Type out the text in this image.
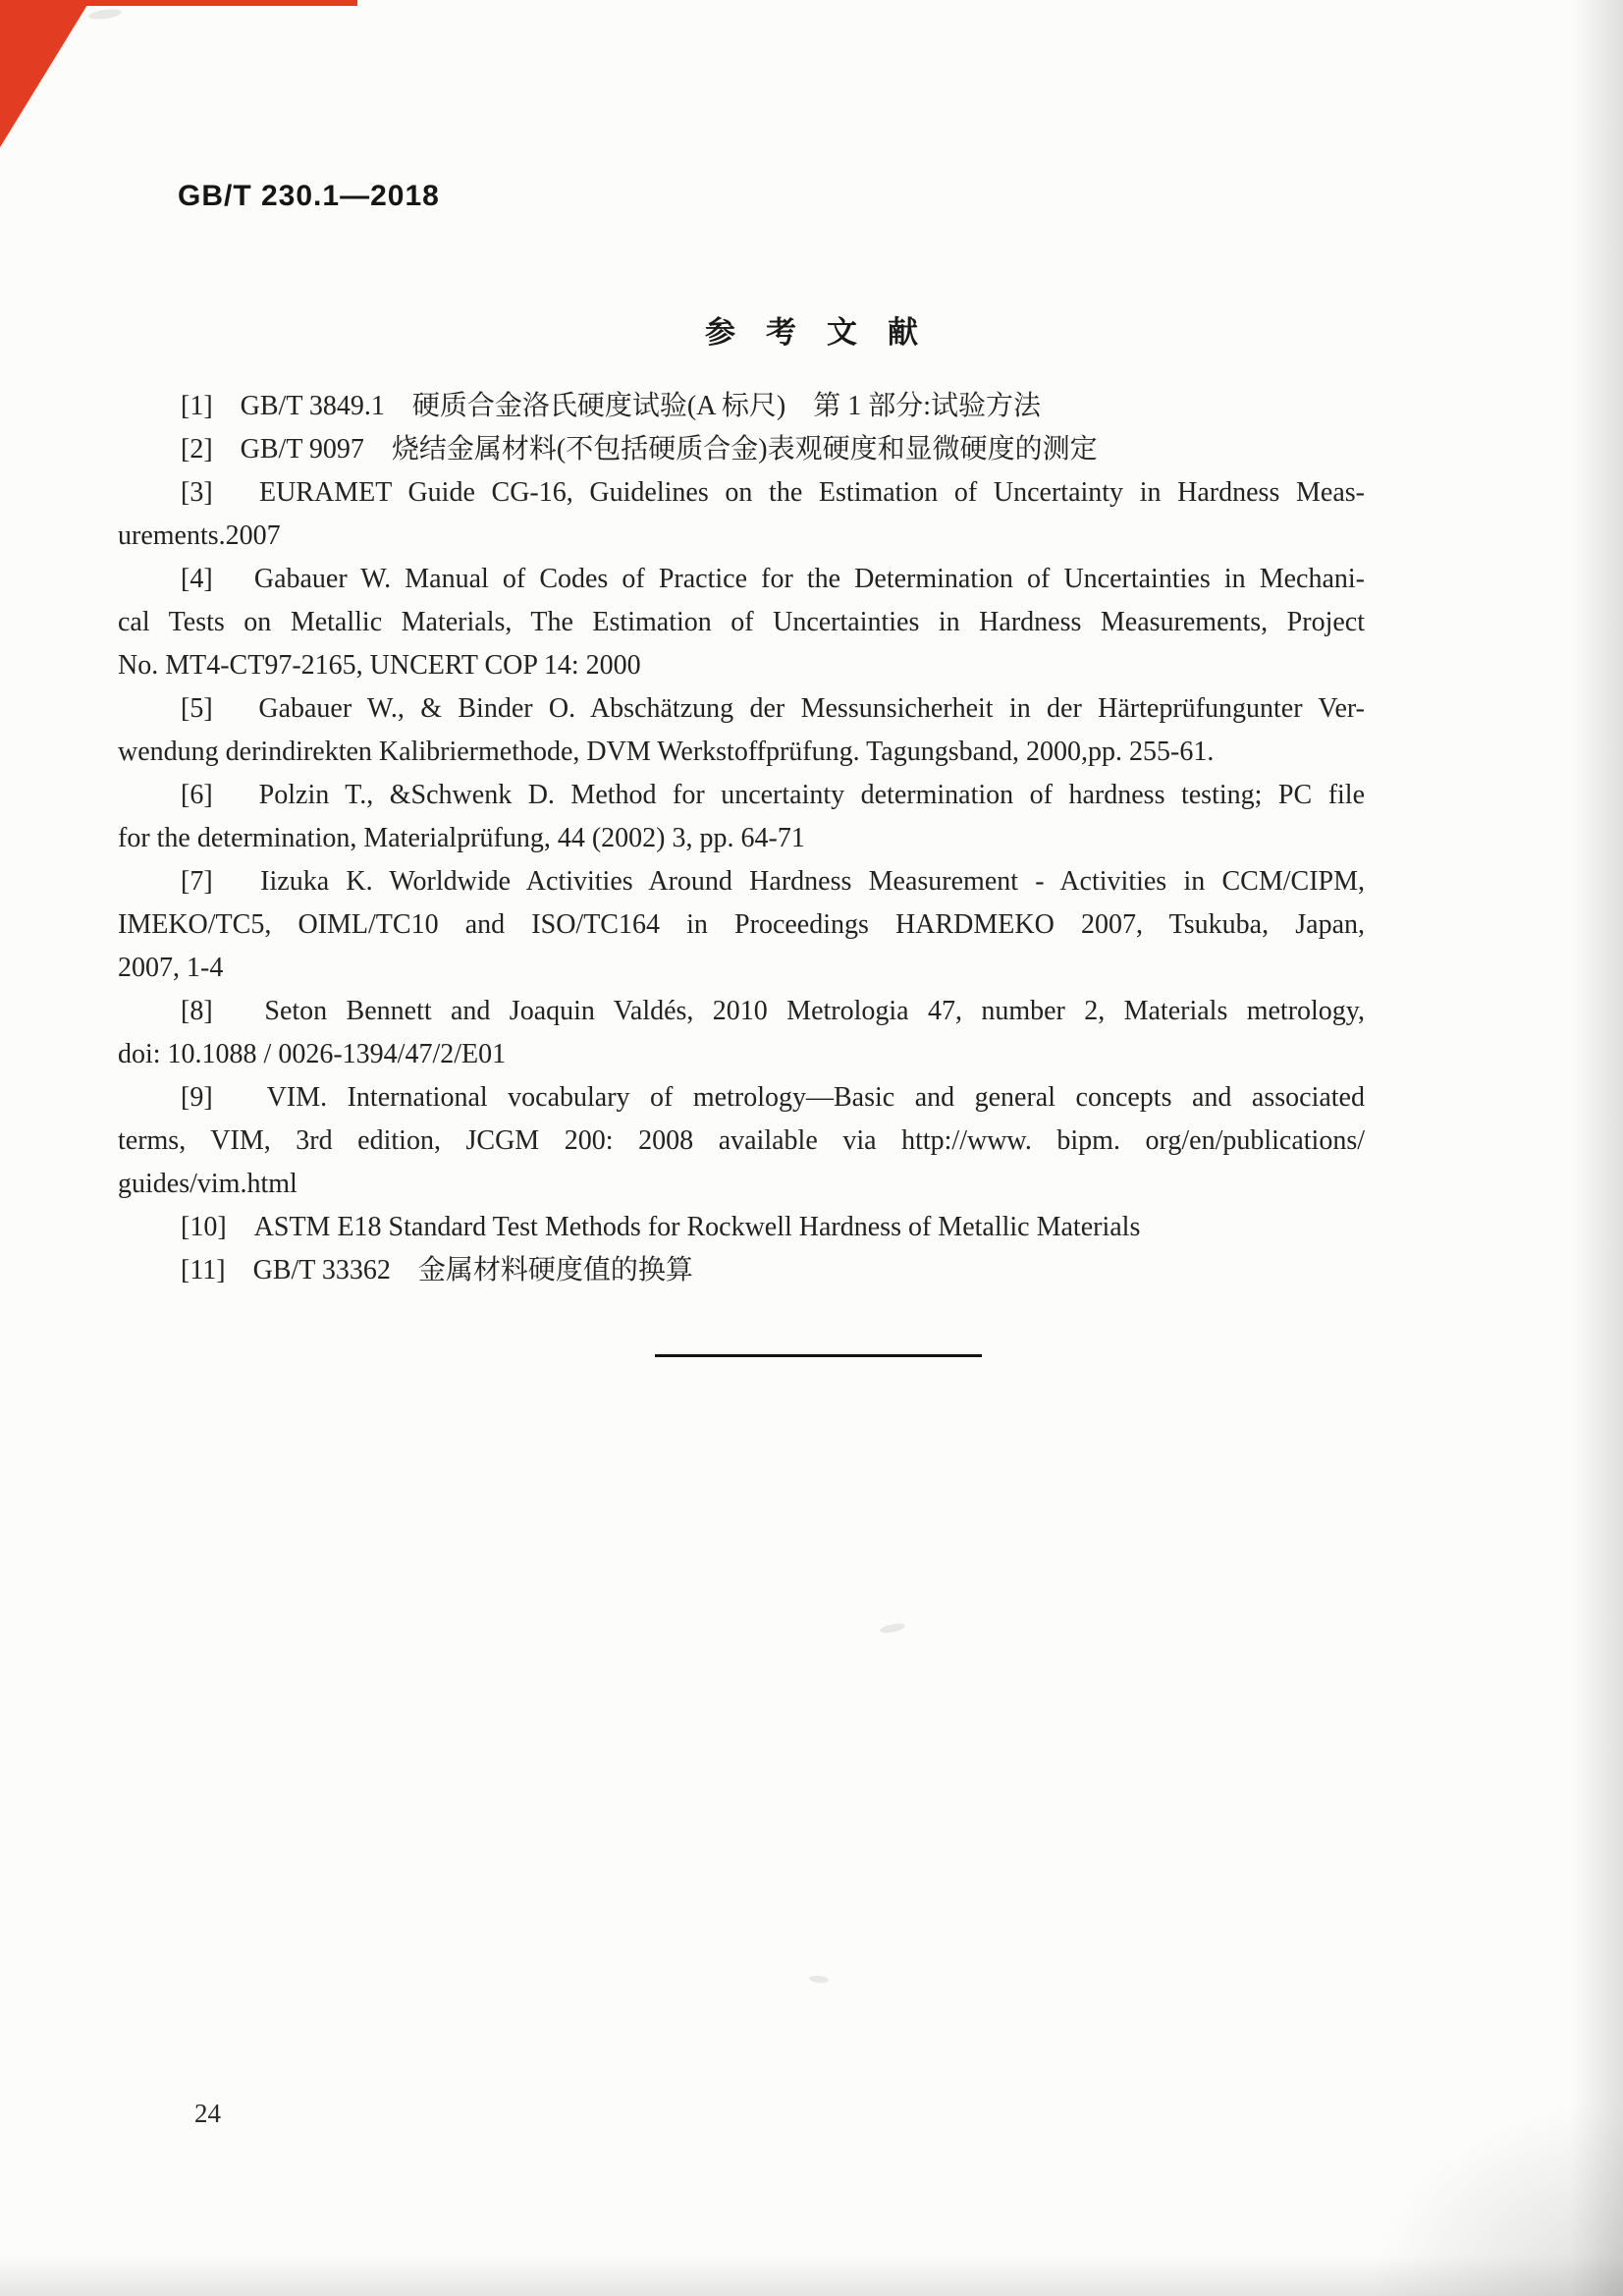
GB/T 230.1—2018
参　考　文　献
[1]　GB/T 3849.1　硬质合金洛氏硬度试验(A 标尺)　第 1 部分:试验方法
[2]　GB/T 9097　烧结金属材料(不包括硬质合金)表观硬度和显微硬度的测定
[3]　EURAMET Guide CG-16, Guidelines on the Estimation of Uncertainty in Hardness Meas-
urements.2007
[4]　Gabauer W. Manual of Codes of Practice for the Determination of Uncertainties in Mechani-
cal Tests on Metallic Materials, The Estimation of Uncertainties in Hardness Measurements, Project
No. MT4-CT97-2165, UNCERT COP 14: 2000
[5]　Gabauer W., & Binder O. Abschätzung der Messunsicherheit in der Härteprüfungunter Ver-
wendung derindirekten Kalibriermethode, DVM Werkstoffprüfung. Tagungsband, 2000,pp. 255-61.
[6]　Polzin T., &Schwenk D. Method for uncertainty determination of hardness testing; PC file
for the determination, Materialprüfung, 44 (2002) 3, pp. 64-71
[7]　Iizuka K. Worldwide Activities Around Hardness Measurement - Activities in CCM/CIPM,
IMEKO/TC5, OIML/TC10 and ISO/TC164 in Proceedings HARDMEKO 2007, Tsukuba, Japan,
2007, 1-4
[8]　Seton Bennett and Joaquin Valdés, 2010 Metrologia 47, number 2, Materials metrology,
doi: 10.1088 / 0026-1394/47/2/E01
[9]　VIM. International vocabulary of metrology—Basic and general concepts and associated
terms, VIM, 3rd edition, JCGM 200: 2008 available via http://www. bipm. org/en/publications/
guides/vim.html
[10]　ASTM E18 Standard Test Methods for Rockwell Hardness of Metallic Materials
[11]　GB/T 33362　金属材料硬度值的换算
24
